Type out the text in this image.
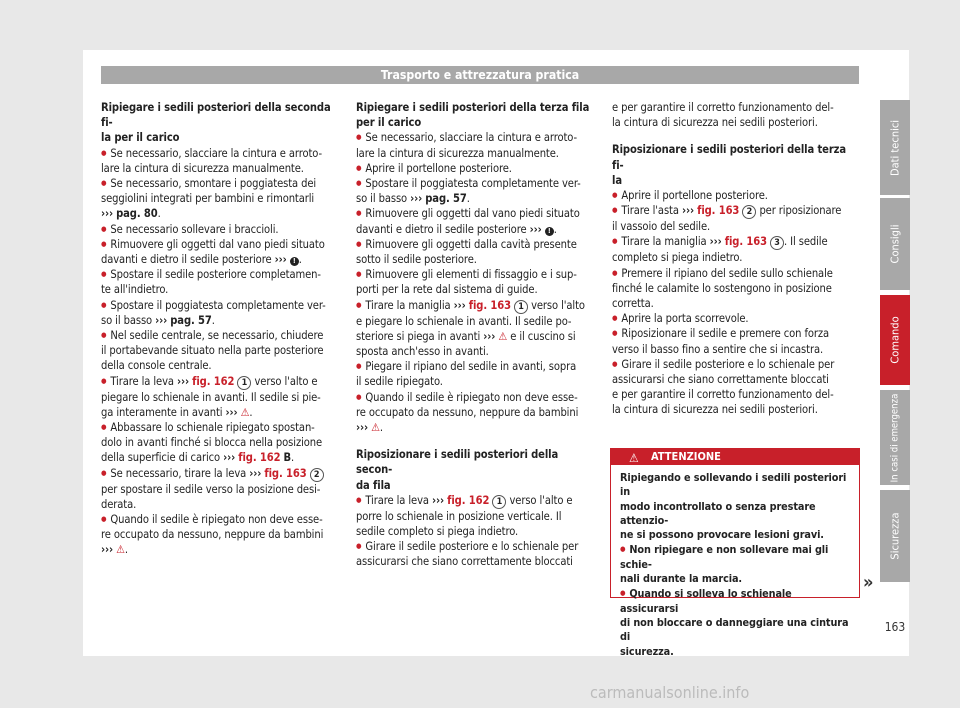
Trasporto e attrezzatura pratica

Ripiegare i sedili posteriori della seconda fi-

la per il carico

● Se necessario, slacciare la cintura e arroto-

lare la cintura di sicurezza manualmente.

● Se necessario, smontare i poggiatesta dei

seggiolini integrati per bambini e rimontarli

››› pag. 80.

● Se necessario sollevare i braccioli.

● Rimuovere gli oggetti dal vano piedi situato

davanti e dietro il sedile posteriore ››› ! .

● Spostare il sedile posteriore completamen-

te all'indietro.

● Spostare il poggiatesta completamente ver-

so il basso ››› pag. 57.

● Nel sedile centrale, se necessario, chiudere

il portabevande situato nella parte posteriore

della console centrale.

● Tirare la leva ››› fig. 162 1 verso l'alto e

piegare lo schienale in avanti. Il sedile si pie-

ga interamente in avanti ››› ⚠.

● Abbassare lo schienale ripiegato spostan-

dolo in avanti finché si blocca nella posizione

della superficie di carico ››› fig. 162 B.

● Se necessario, tirare la leva ››› fig. 163 2

per spostare il sedile verso la posizione desi-

derata.

● Quando il sedile è ripiegato non deve esse-

re occupato da nessuno, neppure da bambini

››› ⚠.

Ripiegare i sedili posteriori della terza fila

per il carico

● Se necessario, slacciare la cintura e arroto-

lare la cintura di sicurezza manualmente.

● Aprire il portellone posteriore.

● Spostare il poggiatesta completamente ver-

so il basso ››› pag. 57.

● Rimuovere gli oggetti dal vano piedi situato

davanti e dietro il sedile posteriore ››› ! .

● Rimuovere gli oggetti dalla cavità presente

sotto il sedile posteriore.

● Rimuovere gli elementi di fissaggio e i sup-

porti per la rete dal sistema di guide.

● Tirare la maniglia ››› fig. 163 1 verso l'alto

e piegare lo schienale in avanti. Il sedile po-

steriore si piega in avanti ››› ⚠ e il cuscino si

sposta anch'esso in avanti.

● Piegare il ripiano del sedile in avanti, sopra

il sedile ripiegato.

● Quando il sedile è ripiegato non deve esse-

re occupato da nessuno, neppure da bambini

››› ⚠.

Riposizionare i sedili posteriori della secon-

da fila

● Tirare la leva ››› fig. 162 1 verso l'alto e

porre lo schienale in posizione verticale. Il

sedile completo si piega indietro.

● Girare il sedile posteriore e lo schienale per

assicurarsi che siano correttamente bloccati

e per garantire il corretto funzionamento del-

la cintura di sicurezza nei sedili posteriori.

Riposizionare i sedili posteriori della terza fi-

la

● Aprire il portellone posteriore.

● Tirare l'asta ››› fig. 163 2 per riposizionare

il vassoio del sedile.

● Tirare la maniglia ››› fig. 163 3 . Il sedile

completo si piega indietro.

● Premere il ripiano del sedile sullo schienale

finché le calamite lo sostengono in posizione

corretta.

● Aprire la porta scorrevole.

● Riposizionare il sedile e premere con forza

verso il basso fino a sentire che si incastra.

● Girare il sedile posteriore e lo schienale per

assicurarsi che siano correttamente bloccati

e per garantire il corretto funzionamento del-

la cintura di sicurezza nei sedili posteriori.

⚠ ATTENZIONE

Ripiegando e sollevando i sedili posteriori in

modo incontrollato o senza prestare attenzio-

ne si possono provocare lesioni gravi.

● Non ripiegare e non sollevare mai gli schie-

nali durante la marcia.

● Quando si solleva lo schienale assicurarsi

di non bloccare o danneggiare una cintura di

sicurezza.

»
Dati tecnici
Consigli
Comando
In casi di emergenza
Sicurezza
163
carmanualsonline.info
